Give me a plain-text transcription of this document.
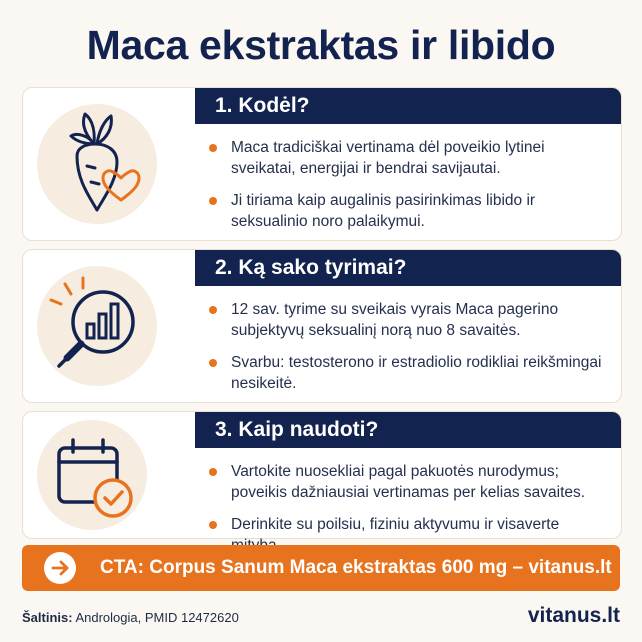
Maca ekstraktas ir libido
1. Kodėl?
Maca tradiciškai vertinama dėl poveikio lytinei sveikatai, energijai ir bendrai savijautai.
Ji tiriama kaip augalinis pasirinkimas libido ir seksualinio noro palaikymui.
2. Ką sako tyrimai?
12 sav. tyrime su sveikais vyrais Maca pagerino subjektyvų seksualinį norą nuo 8 savaitės.
Svarbu: testosterono ir estradiolio rodikliai reikšmingai nesikeitė.
3. Kaip naudoti?
Vartokite nuosekliai pagal pakuotės nurodymus; poveikis dažniausiai vertinamas per kelias savaites.
Derinkite su poilsiu, fiziniu aktyvumu ir visaverte
CTA: Corpus Sanum Maca ekstraktas 600 mg – vitanus.lt
Šaltinis: Andrologia, PMID 12472620	vitanus.lt
